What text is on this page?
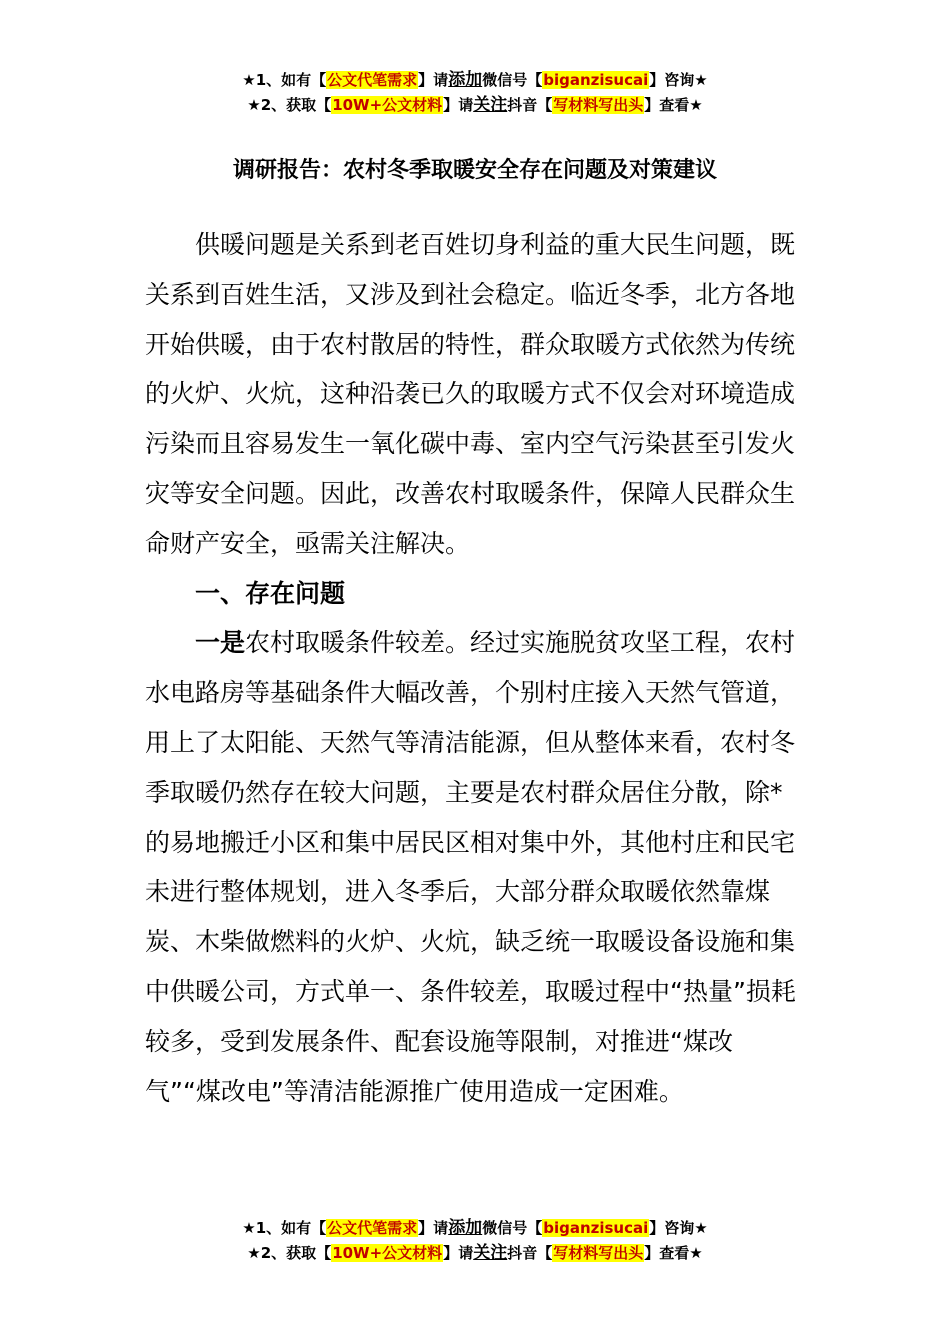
★1、如有【公文代笔需求】请添加微信号【biganzisucai】咨询★
★2、获取【10W+公文材料】请关注抖音【写材料写出头】查看★
调研报告：农村冬季取暖安全存在问题及对策建议

供暖问题是关系到老百姓切身利益的重大民生问题，既关系到百姓生活，又涉及到社会稳定。临近冬季，北方各地开始供暖，由于农村散居的特性，群众取暖方式依然为传统的火炉、火炕，这种沿袭已久的取暖方式不仅会对环境造成污染而且容易发生一氧化碳中毒、室内空气污染甚至引发火灾等安全问题。因此，改善农村取暖条件，保障人民群众生命财产安全，亟需关注解决。

一、存在问题

一是农村取暖条件较差。经过实施脱贫攻坚工程，农村水电路房等基础条件大幅改善，个别村庄接入天然气管道，用上了太阳能、天然气等清洁能源，但从整体来看，农村冬季取暖仍然存在较大问题，主要是农村群众居住分散，除*的易地搬迁小区和集中居民区相对集中外，其他村庄和民宅未进行整体规划，进入冬季后，大部分群众取暖依然靠煤炭、木柴做燃料的火炉、火炕，缺乏统一取暖设备设施和集中供暖公司，方式单一、条件较差，取暖过程中“热量”损耗较多，受到发展条件、配套设施等限制，对推进“煤改气”“煤改电”等清洁能源推广使用造成一定困难。

★1、如有【公文代笔需求】请添加微信号【biganzisucai】咨询★
★2、获取【10W+公文材料】请关注抖音【写材料写出头】查看★
